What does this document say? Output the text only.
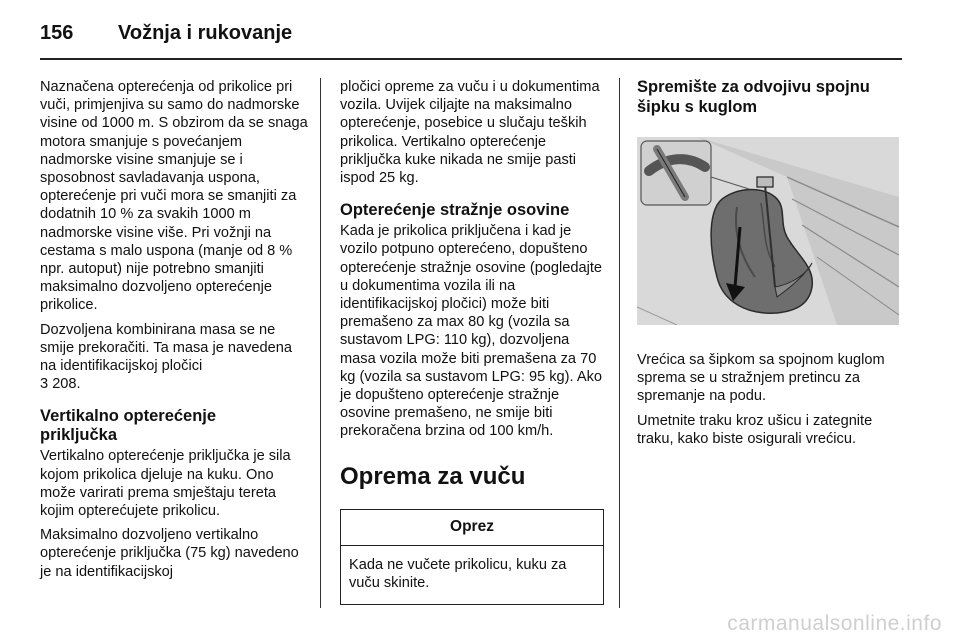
156 Vožnja i rukovanje

Naznačena opterećenja od prikolice pri vuči, primjenjiva su samo do nadmorske visine od 1000 m. S obzirom da se snaga motora smanjuje s povećanjem nadmorske visine smanjuje se i sposobnost savladavanja uspona, opterećenje pri vuči mora se smanjiti za dodatnih 10 % za svakih 1000 m nadmorske visine više. Pri vožnji na cestama s malo uspona (manje od 8 % npr. autoput) nije potrebno smanjiti maksimalno dozvoljeno opterećenje prikolice.

Dozvoljena kombinirana masa se ne smije prekoračiti. Ta masa je navedena na identifikacijskoj pločici
3 208.

Vertikalno opterećenje
priključka

Vertikalno opterećenje priključka je sila kojom prikolica djeluje na kuku. Ono može varirati prema smještaju tereta kojim opterećujete prikolicu.

Maksimalno dozvoljeno vertikalno opterećenje priključka (75 kg) navedeno je na identifikacijskoj

pločici opreme za vuču i u dokumentima vozila. Uvijek ciljajte na maksimalno opterećenje, posebice u slučaju teških prikolica. Vertikalno opterećenje priključka kuke nikada ne smije pasti ispod 25 kg.

Opterećenje stražnje osovine

Kada je prikolica priključena i kad je vozilo potpuno opterećeno, dopušteno opterećenje stražnje osovine (pogledajte u dokumentima vozila ili na identifikacijskoj pločici) može biti premašeno za max 80 kg (vozila sa sustavom LPG: 110 kg), dozvoljena masa vozila može biti premašena za 70 kg (vozila sa sustavom LPG: 95 kg). Ako je dopušteno opterećenje stražnje osovine premašeno, ne smije biti prekoračena brzina od 100 km/h.

Oprema za vuču
Oprez
Kada ne vučete prikolicu, kuku za vuču skinite.
Spremište za odvojivu spojnu
šipku s kuglom

Vrećica sa šipkom sa spojnom kuglom sprema se u stražnjem pretincu za spremanje na podu.

Umetnite traku kroz ušicu i zategnite traku, kako biste osigurali vrećicu.

carmanualsonline.info
